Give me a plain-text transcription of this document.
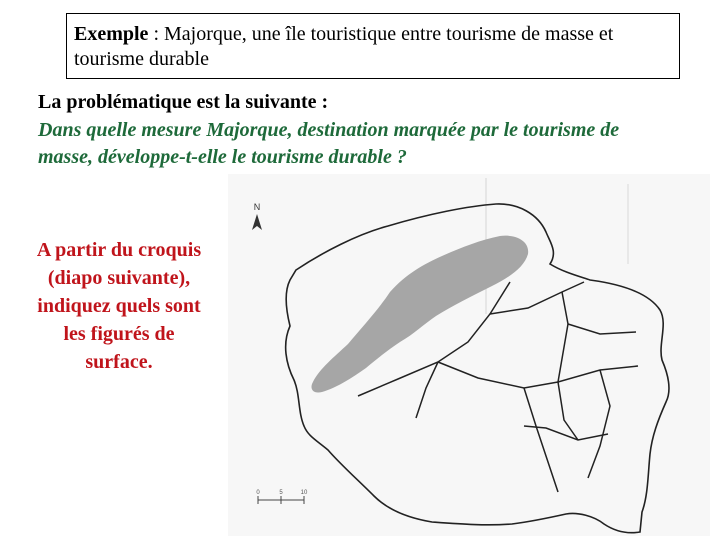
Exemple : Majorque, une île touristique entre tourisme de masse et tourisme durable
La problématique est la suivante :
Dans quelle mesure Majorque, destination marquée par le tourisme de masse, développe-t-elle le tourisme durable ?
A partir du croquis (diapo suivante), indiquez quels sont les figurés de surface.
N
0	5	10
